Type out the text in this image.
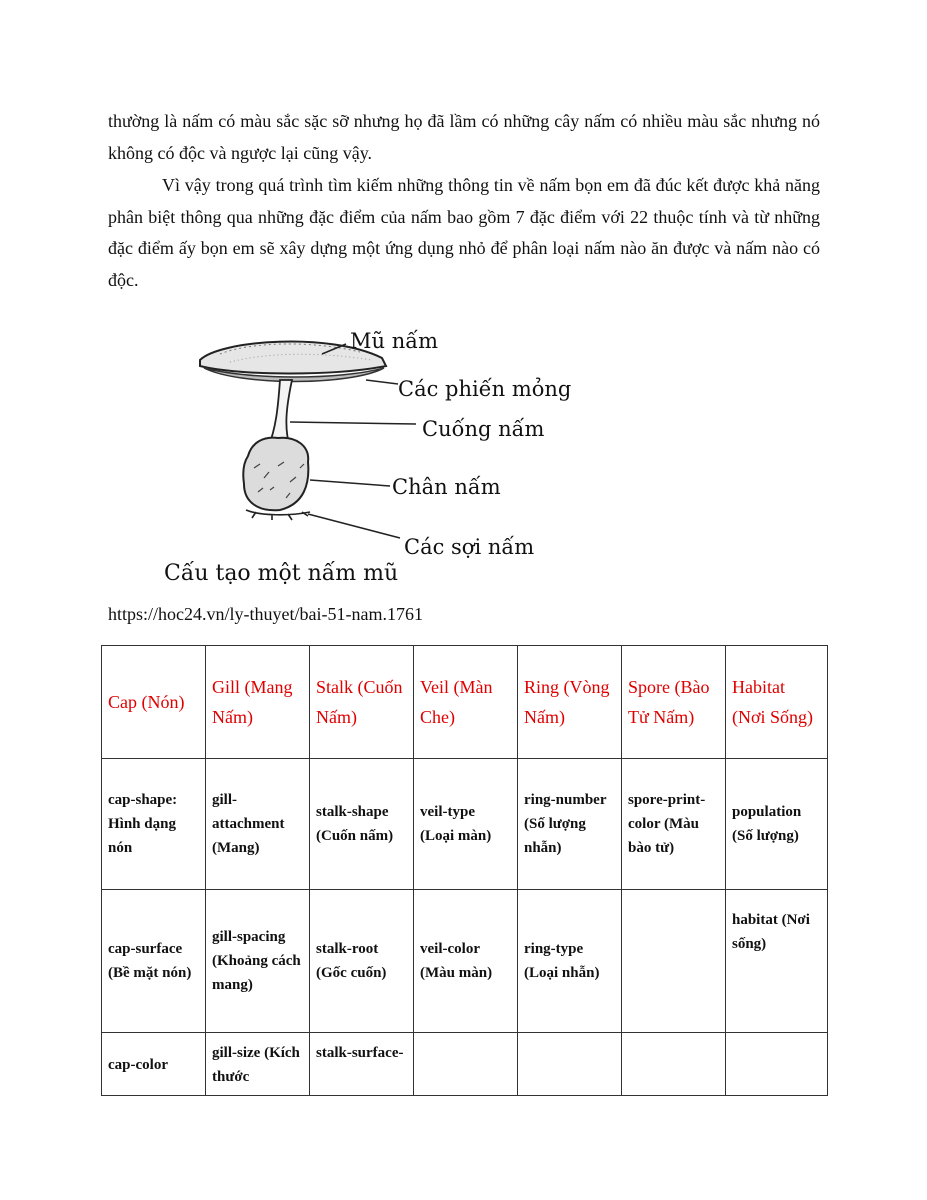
thường là nấm có màu sắc sặc sỡ nhưng họ đã lầm có những cây nấm có nhiều màu sắc nhưng nó không có độc và ngược lại cũng vậy.

Vì vậy trong quá trình tìm kiếm những thông tin về nấm bọn em đã đúc kết được khả năng phân biệt thông qua những đặc điểm của nấm bao gồm 7 đặc điểm với 22 thuộc tính và từ những đặc điểm ấy bọn em sẽ xây dựng một ứng dụng nhỏ để phân loại nấm nào ăn được và nấm nào có độc.

Mũ nấm
Các phiến mỏng
Cuống nấm
Chân nấm
Các sợi nấm
Cấu tạo một nấm mũ

https://hoc24.vn/ly-thuyet/bai-51-nam.1761

Cap (Nón)	Gill (Mang Nấm)	Stalk (Cuốn Nấm)	Veil (Màn Che)	Ring (Vòng Nấm)	Spore (Bào Tử Nấm)	Habitat (Nơi Sống)
cap-shape: Hình dạng nón	gill-attachment (Mang)	stalk-shape (Cuốn nấm)	veil-type (Loại màn)	ring-number (Số lượng nhẫn)	spore-print-color (Màu bào tử)	population (Số lượng)
cap-surface (Bề mặt nón)	gill-spacing (Khoảng cách mang)	stalk-root (Gốc cuốn)	veil-color (Màu màn)	ring-type (Loại nhẫn)		habitat (Nơi sống)
cap-color	gill-size (Kích thước	stalk-surface-				
